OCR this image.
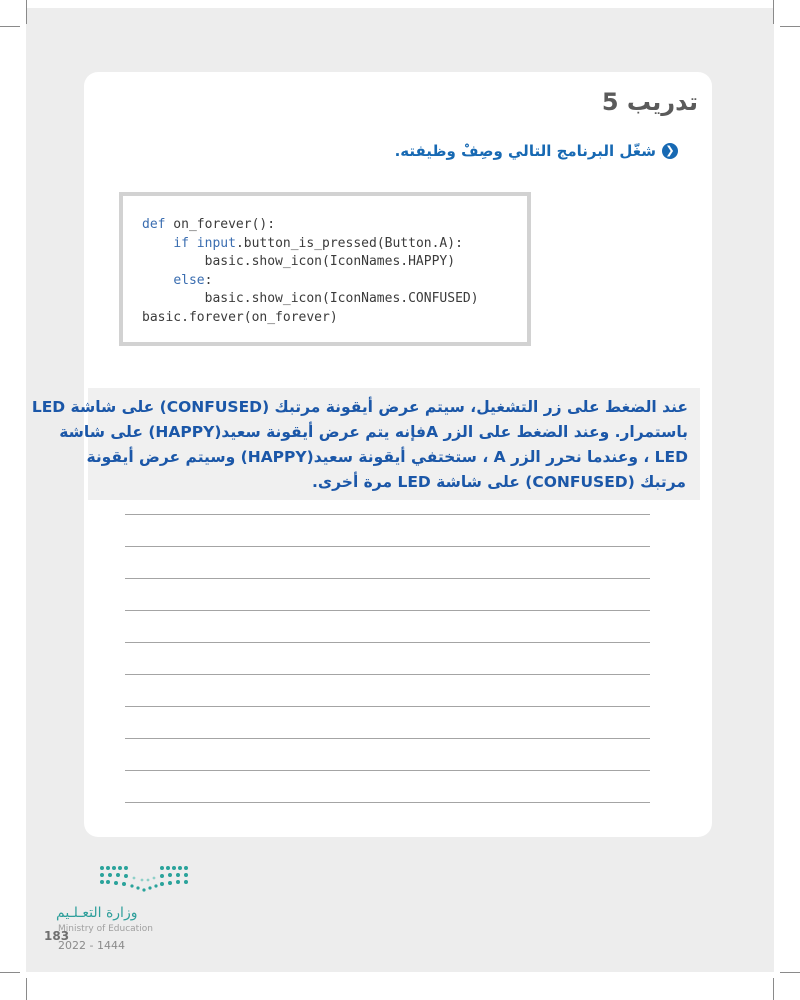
تدريب 5
❮
شغّل البرنامج التالي وصِفْ وظيفته.
def on_forever():
if input.button_is_pressed(Button.A):
basic.show_icon(IconNames.HAPPY)
else:
basic.show_icon(IconNames.CONFUSED)
basic.forever(on_forever)
عند الضغط على زر التشغيل، سيتم عرض أيقونة مرتبك (CONFUSED) على شاشة LED
باستمرار. وعند الضغط على الزر Aفإنه يتم عرض أيقونة سعيد(HAPPY) على شاشة
LED ، وعندما نحرر الزر A ، ستختفي أيقونة سعيد(HAPPY) وسيتم عرض أيقونة
مرتبك (CONFUSED) على شاشة LED مرة أخرى.
وزارة التعـلـيم
Ministry of Education
183
2022 - 1444
